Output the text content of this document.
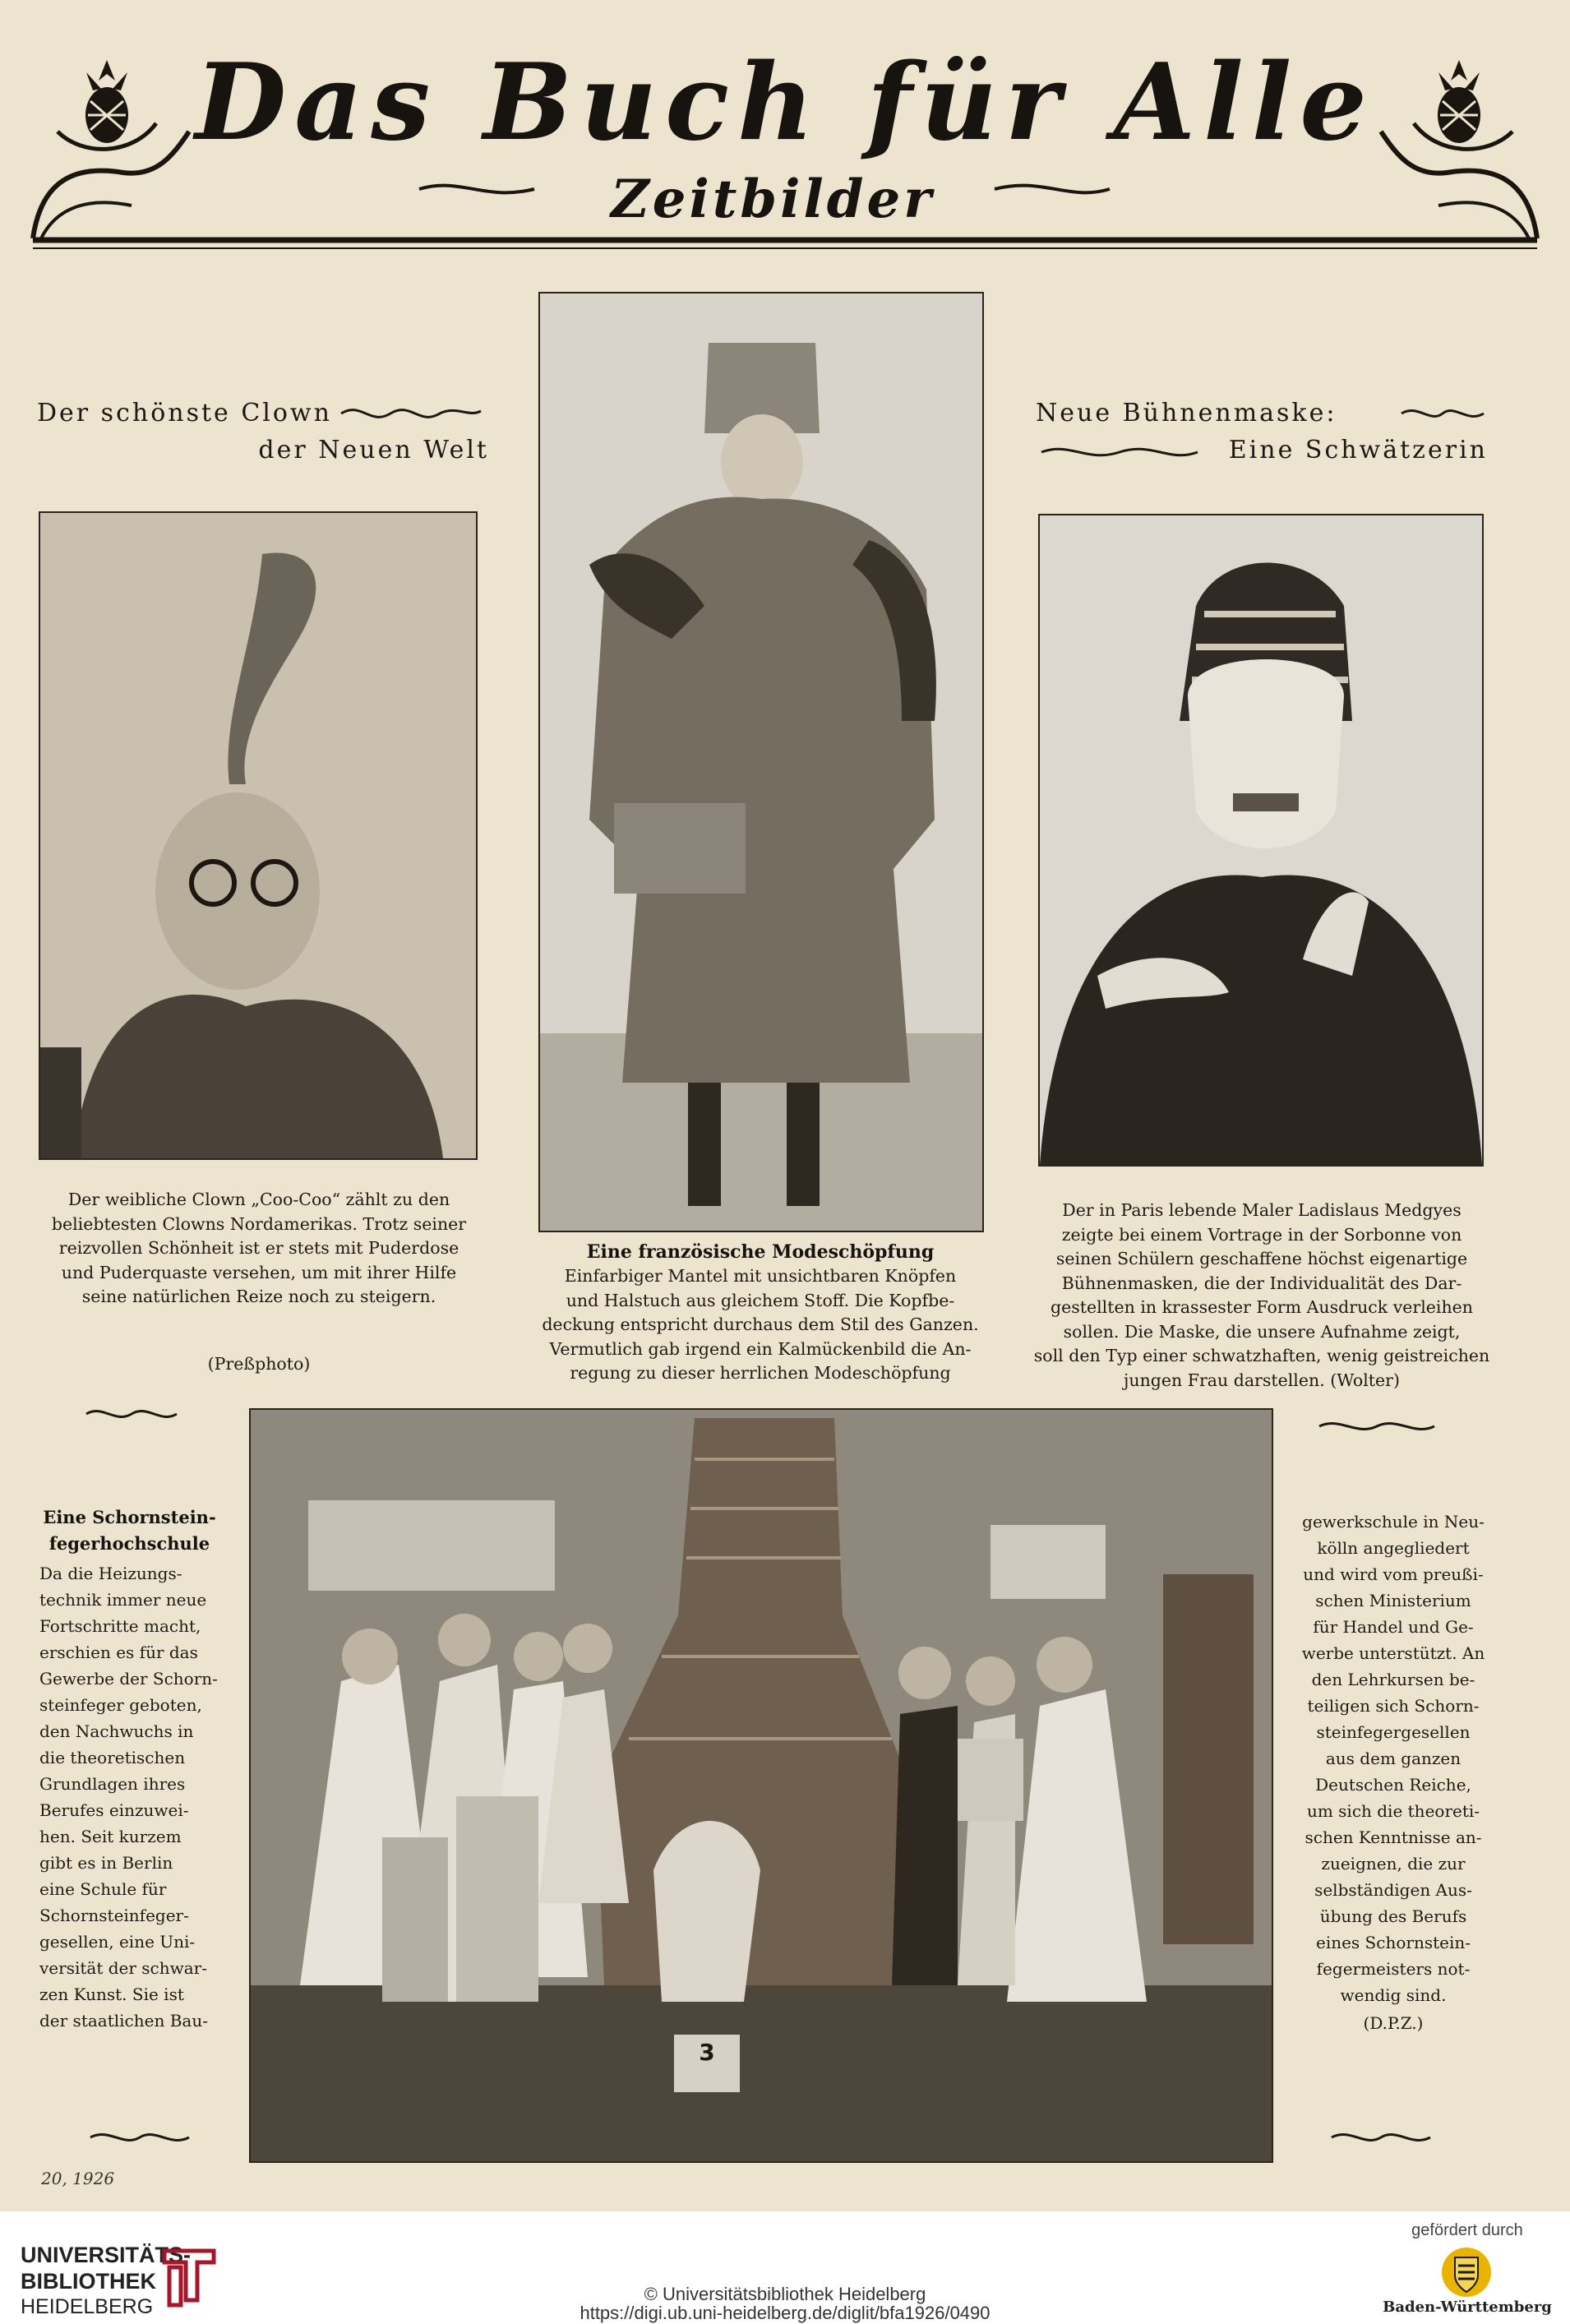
Das Buch für Alle
Zeitbilder
Der schönste Clown
der Neuen Welt
Der weibliche Clown „Coo-Coo“ zählt zu den
beliebtesten Clowns Nordamerikas. Trotz seiner
reizvollen Schönheit ist er stets mit Puderdose
und Puderquaste versehen, um mit ihrer Hilfe
seine natürlichen Reize noch zu steigern.
(Preßphoto)
Eine französische Modeschöpfung
Einfarbiger Mantel mit unsichtbaren Knöpfen
und Halstuch aus gleichem Stoff. Die Kopfbe-
deckung entspricht durchaus dem Stil des Ganzen.
Vermutlich gab irgend ein Kalmückenbild die An-
regung zu dieser herrlichen Modeschöpfung
Neue Bühnenmaske:
Eine Schwätzerin
Der in Paris lebende Maler Ladislaus Medgyes
zeigte bei einem Vortrage in der Sorbonne von
seinen Schülern geschaffene höchst eigenartige
Bühnenmasken, die der Individualität des Dar-
gestellten in krassester Form Ausdruck verleihen
sollen. Die Maske, die unsere Aufnahme zeigt,
soll den Typ einer schwatzhaften, wenig geistreichen
jungen Frau darstellen. (Wolter)
Eine Schornstein-
fegerhochschule
Da die Heizungs-
technik immer neue
Fortschritte macht,
erschien es für das
Gewerbe der Schorn-
steinfeger geboten,
den Nachwuchs in
die theoretischen
Grundlagen ihres
Berufes einzuwei-
hen. Seit kurzem
gibt es in Berlin
eine Schule für
Schornsteinfeger-
gesellen, eine Uni-
versität der schwar-
zen Kunst. Sie ist
der staatlichen Bau-
3
gewerkschule in Neu-
kölln angegliedert
und wird vom preußi-
schen Ministerium
für Handel und Ge-
werbe unterstützt. An
den Lehrkursen be-
teiligen sich Schorn-
steinfegergesellen
aus dem ganzen
Deutschen Reiche,
um sich die theoreti-
schen Kenntnisse an-
zueignen, die zur
selbständigen Aus-
übung des Berufs
eines Schornstein-
fegermeisters not-
wendig sind.
(D.P.Z.)
20, 1926
UNIVERSITÄTS-
BIBLIOTHEK
HEIDELBERG
© Universitätsbibliothek Heidelberg
https://digi.ub.uni-heidelberg.de/diglit/bfa1926/0490
gefördert durch
Baden-Württemberg
